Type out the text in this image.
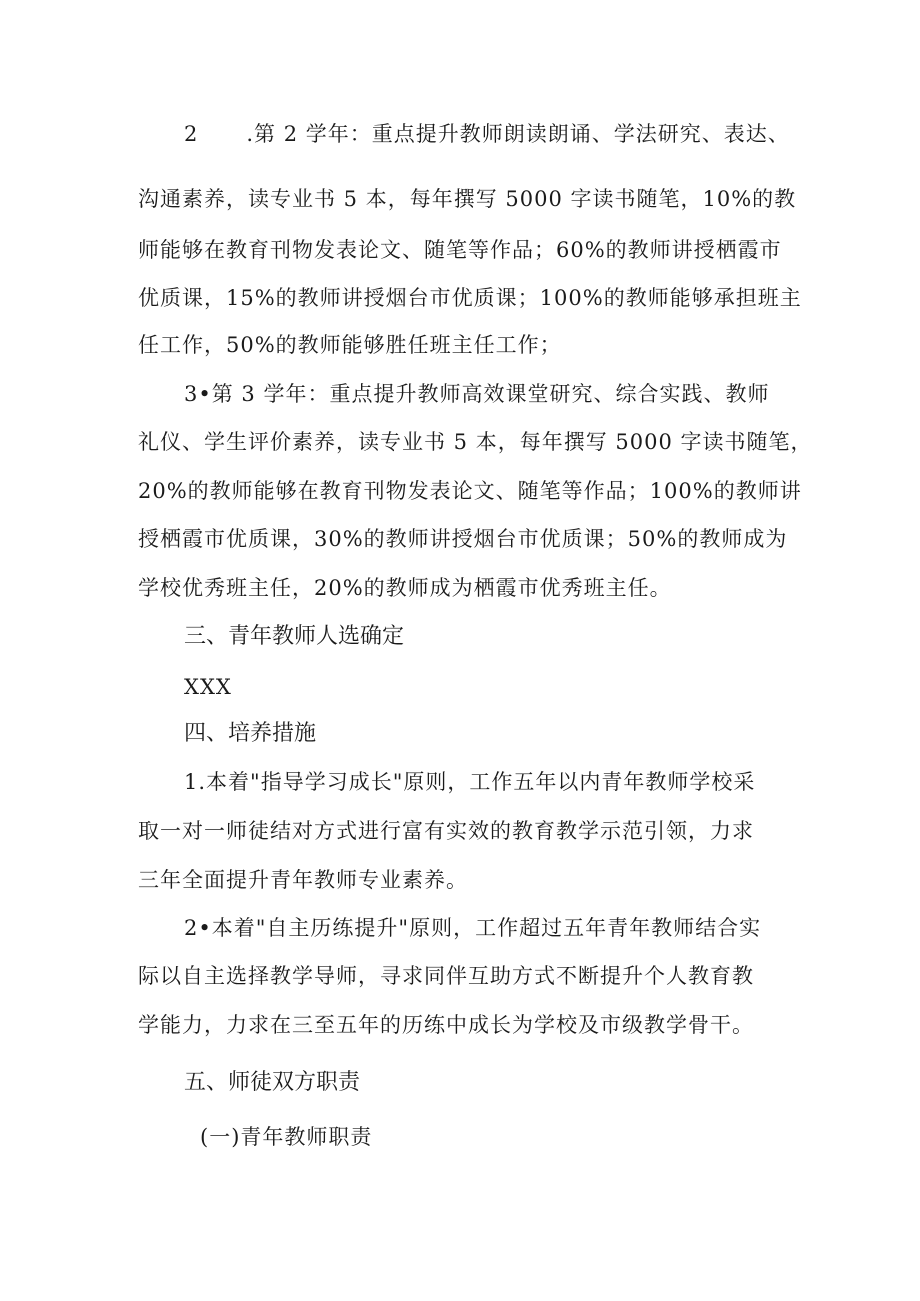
2 .第 2 学年：重点提升教师朗读朗诵、学法研究、表达、
沟通素养，读专业书 5 本，每年撰写 5000 字读书随笔，10%的教
师能够在教育刊物发表论文、随笔等作品；60%的教师讲授栖霞市
优质课，15%的教师讲授烟台市优质课；100%的教师能够承担班主
任工作，50%的教师能够胜任班主任工作；
3•第 3 学年：重点提升教师高效课堂研究、综合实践、教师
礼仪、学生评价素养，读专业书 5 本，每年撰写 5000 字读书随笔，
20%的教师能够在教育刊物发表论文、随笔等作品；100%的教师讲
授栖霞市优质课，30%的教师讲授烟台市优质课；50%的教师成为
学校优秀班主任，20%的教师成为栖霞市优秀班主任。
三、青年教师人选确定
XXX
四、培养措施
1.本着"指导学习成长"原则，工作五年以内青年教师学校采
取一对一师徒结对方式进行富有实效的教育教学示范引领，力求
三年全面提升青年教师专业素养。
2•本着"自主历练提升"原则，工作超过五年青年教师结合实
际以自主选择教学导师，寻求同伴互助方式不断提升个人教育教
学能力，力求在三至五年的历练中成长为学校及市级教学骨干。
五、师徒双方职责
(一)青年教师职责
